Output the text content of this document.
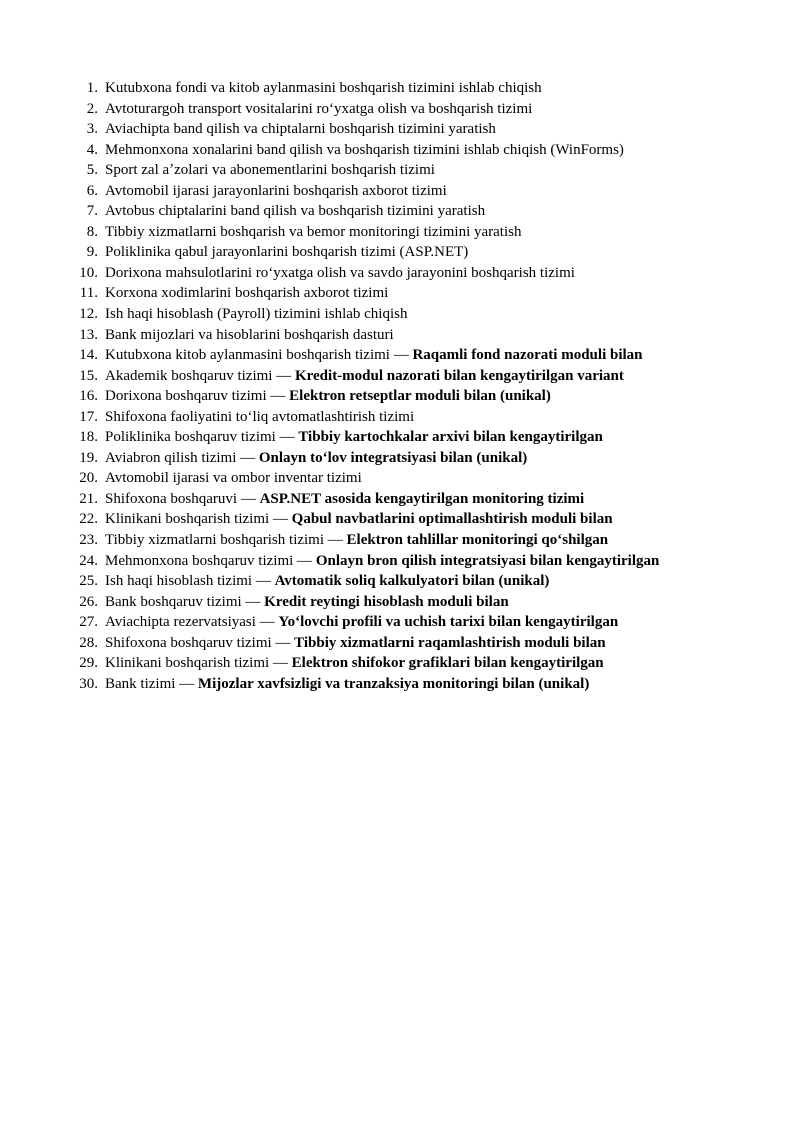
1. Kutubxona fondi va kitob aylanmasini boshqarish tizimini ishlab chiqish
2. Avtoturargoh transport vositalarini roʻyxatga olish va boshqarish tizimi
3. Aviachipta band qilish va chiptalarni boshqarish tizimini yaratish
4. Mehmonxona xonalarini band qilish va boshqarish tizimini ishlab chiqish (WinForms)
5. Sport zal aʼzolari va abonementlarini boshqarish tizimi
6. Avtomobil ijarasi jarayonlarini boshqarish axborot tizimi
7. Avtobus chiptalarini band qilish va boshqarish tizimini yaratish
8. Tibbiy xizmatlarni boshqarish va bemor monitoringi tizimini yaratish
9. Poliklinika qabul jarayonlarini boshqarish tizimi (ASP.NET)
10. Dorixona mahsulotlarini roʻyxatga olish va savdo jarayonini boshqarish tizimi
11. Korxona xodimlarini boshqarish axborot tizimi
12. Ish haqi hisoblash (Payroll) tizimini ishlab chiqish
13. Bank mijozlari va hisoblarini boshqarish dasturi
14. Kutubxona kitob aylanmasini boshqarish tizimi — Raqamli fond nazorati moduli bilan
15. Akademik boshqaruv tizimi — Kredit-modul nazorati bilan kengaytirilgan variant
16. Dorixona boshqaruv tizimi — Elektron retseptlar moduli bilan (unikal)
17. Shifoxona faoliyatini toʻliq avtomatlashtirish tizimi
18. Poliklinika boshqaruv tizimi — Tibbiy kartochkalar arxivi bilan kengaytirilgan
19. Aviabron qilish tizimi — Onlayn toʻlov integratsiyasi bilan (unikal)
20. Avtomobil ijarasi va ombor inventar tizimi
21. Shifoxona boshqaruvi — ASP.NET asosida kengaytirilgan monitoring tizimi
22. Klinikani boshqarish tizimi — Qabul navbatlarini optimallashtirish moduli bilan
23. Tibbiy xizmatlarni boshqarish tizimi — Elektron tahlillar monitoringi qoʻshilgan
24. Mehmonxona boshqaruv tizimi — Onlayn bron qilish integratsiyasi bilan kengaytirilgan
25. Ish haqi hisoblash tizimi — Avtomatik soliq kalkulyatori bilan (unikal)
26. Bank boshqaruv tizimi — Kredit reytingi hisoblash moduli bilan
27. Aviachipta rezervatsiyasi — Yoʻlovchi profili va uchish tarixi bilan kengaytirilgan
28. Shifoxona boshqaruv tizimi — Tibbiy xizmatlarni raqamlashtirish moduli bilan
29. Klinikani boshqarish tizimi — Elektron shifokor grafiklari bilan kengaytirilgan
30. Bank tizimi — Mijozlar xavfsizligi va tranzaksiya monitoringi bilan (unikal)
